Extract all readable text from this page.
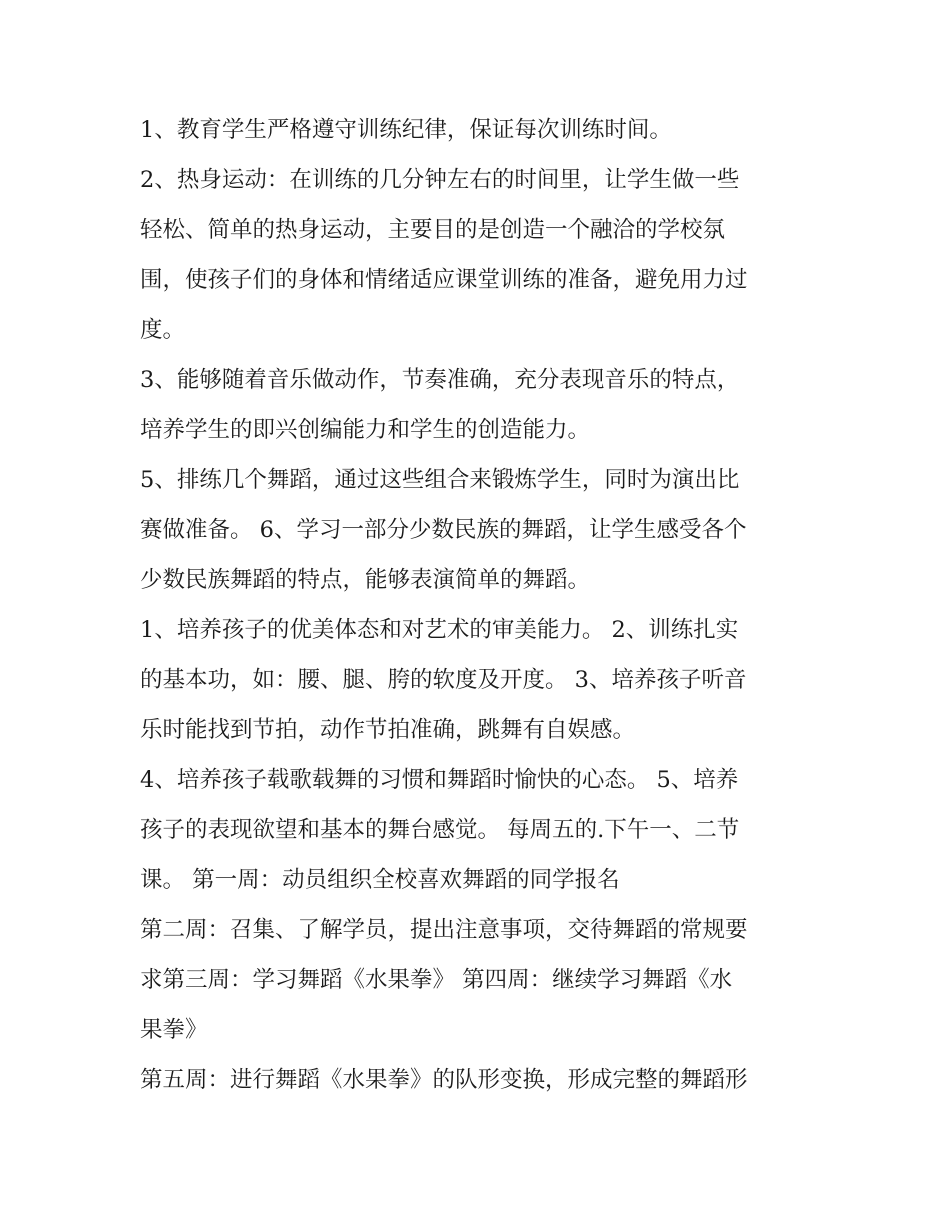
1、教育学生严格遵守训练纪律，保证每次训练时间。
2、热身运动：在训练的几分钟左右的时间里，让学生做一些
轻松、简单的热身运动，主要目的是创造一个融洽的学校氛
围，使孩子们的身体和情绪适应课堂训练的准备，避免用力过
度。
3、能够随着音乐做动作，节奏准确，充分表现音乐的特点，
培养学生的即兴创编能力和学生的创造能力。
5、排练几个舞蹈，通过这些组合来锻炼学生，同时为演出比
赛做准备。 6、学习一部分少数民族的舞蹈，让学生感受各个
少数民族舞蹈的特点，能够表演简单的舞蹈。
1、培养孩子的优美体态和对艺术的审美能力。 2、训练扎实
的基本功，如：腰、腿、胯的软度及开度。 3、培养孩子听音
乐时能找到节拍，动作节拍准确，跳舞有自娱感。
4、培养孩子载歌载舞的习惯和舞蹈时愉快的心态。 5、培养
孩子的表现欲望和基本的舞台感觉。 每周五的.下午一、二节
课。 第一周：动员组织全校喜欢舞蹈的同学报名
第二周：召集、了解学员，提出注意事项，交待舞蹈的常规要
求第三周：学习舞蹈《水果拳》 第四周：继续学习舞蹈《水
果拳》
第五周：进行舞蹈《水果拳》的队形变换，形成完整的舞蹈形
